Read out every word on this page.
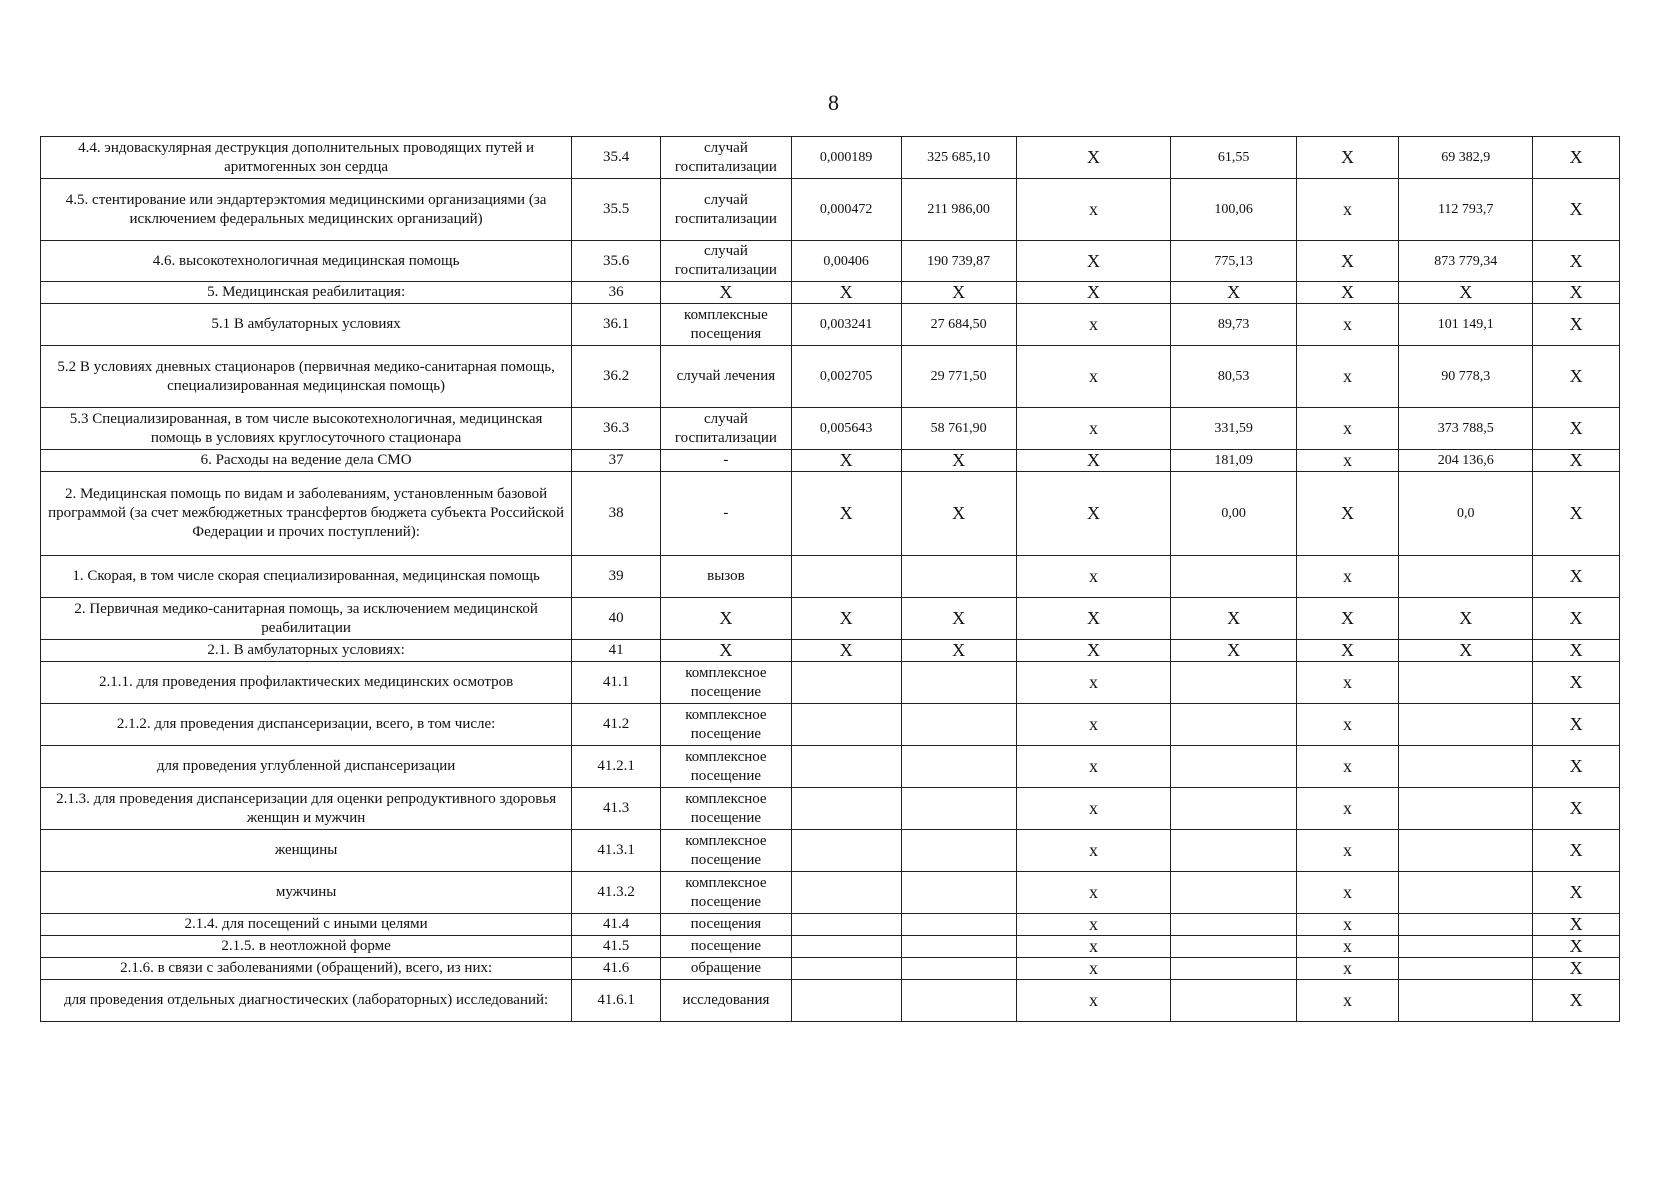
8
4.4. эндоваскулярная деструкция дополнительных проводящих путей и аритмогенных зон сердца	35.4	случай госпитализации	0,000189	325 685,10	Х	61,55	Х	69 382,9	Х
4.5. стентирование или эндартерэктомия медицинскими организациями (за исключением федеральных медицинских организаций)	35.5	случай госпитализации	0,000472	211 986,00	х	100,06	х	112 793,7	Х
4.6. высокотехнологичная медицинская помощь	35.6	случай госпитализации	0,00406	190 739,87	Х	775,13	Х	873 779,34	Х
5. Медицинская реабилитация:	36	Х	Х	Х	Х	Х	Х	Х	Х
5.1 В амбулаторных условиях	36.1	комплексные посещения	0,003241	27 684,50	х	89,73	х	101 149,1	Х
5.2 В условиях дневных стационаров (первичная медико-санитарная помощь, специализированная медицинская помощь)	36.2	случай лечения	0,002705	29 771,50	х	80,53	х	90 778,3	Х
5.3 Специализированная, в том числе высокотехнологичная, медицинская помощь в условиях круглосуточного стационара	36.3	случай госпитализации	0,005643	58 761,90	х	331,59	х	373 788,5	Х
6. Расходы на ведение дела СМО	37	-	Х	Х	Х	181,09	х	204 136,6	Х
2. Медицинская помощь по видам и заболеваниям, установленным базовой программой (за счет межбюджетных трансфертов бюджета субъекта Российской Федерации и прочих поступлений):	38	-	Х	Х	Х	0,00	Х	0,0	Х
1. Скорая, в том числе скорая специализированная, медицинская помощь	39	вызов			х		х		Х
2. Первичная медико-санитарная помощь, за исключением медицинской реабилитации	40	Х	Х	Х	Х	Х	Х	Х	Х
2.1. В амбулаторных условиях:	41	Х	Х	Х	Х	Х	Х	Х	Х
2.1.1. для проведения профилактических медицинских осмотров	41.1	комплексное посещение			х		х		Х
2.1.2. для проведения диспансеризации, всего, в том числе:	41.2	комплексное посещение			х		х		Х
для проведения углубленной диспансеризации	41.2.1	комплексное посещение			х		х		Х
2.1.3. для проведения диспансеризации для оценки репродуктивного здоровья женщин и мужчин	41.3	комплексное посещение			х		х		Х
женщины	41.3.1	комплексное посещение			х		х		Х
мужчины	41.3.2	комплексное посещение			х		х		Х
2.1.4. для посещений с иными целями	41.4	посещения			х		х		Х
2.1.5. в неотложной форме	41.5	посещение			х		х		Х
2.1.6. в связи с заболеваниями (обращений), всего, из них:	41.6	обращение			х		х		Х
для проведения отдельных диагностических (лабораторных) исследований:	41.6.1	исследования			х		х		Х
